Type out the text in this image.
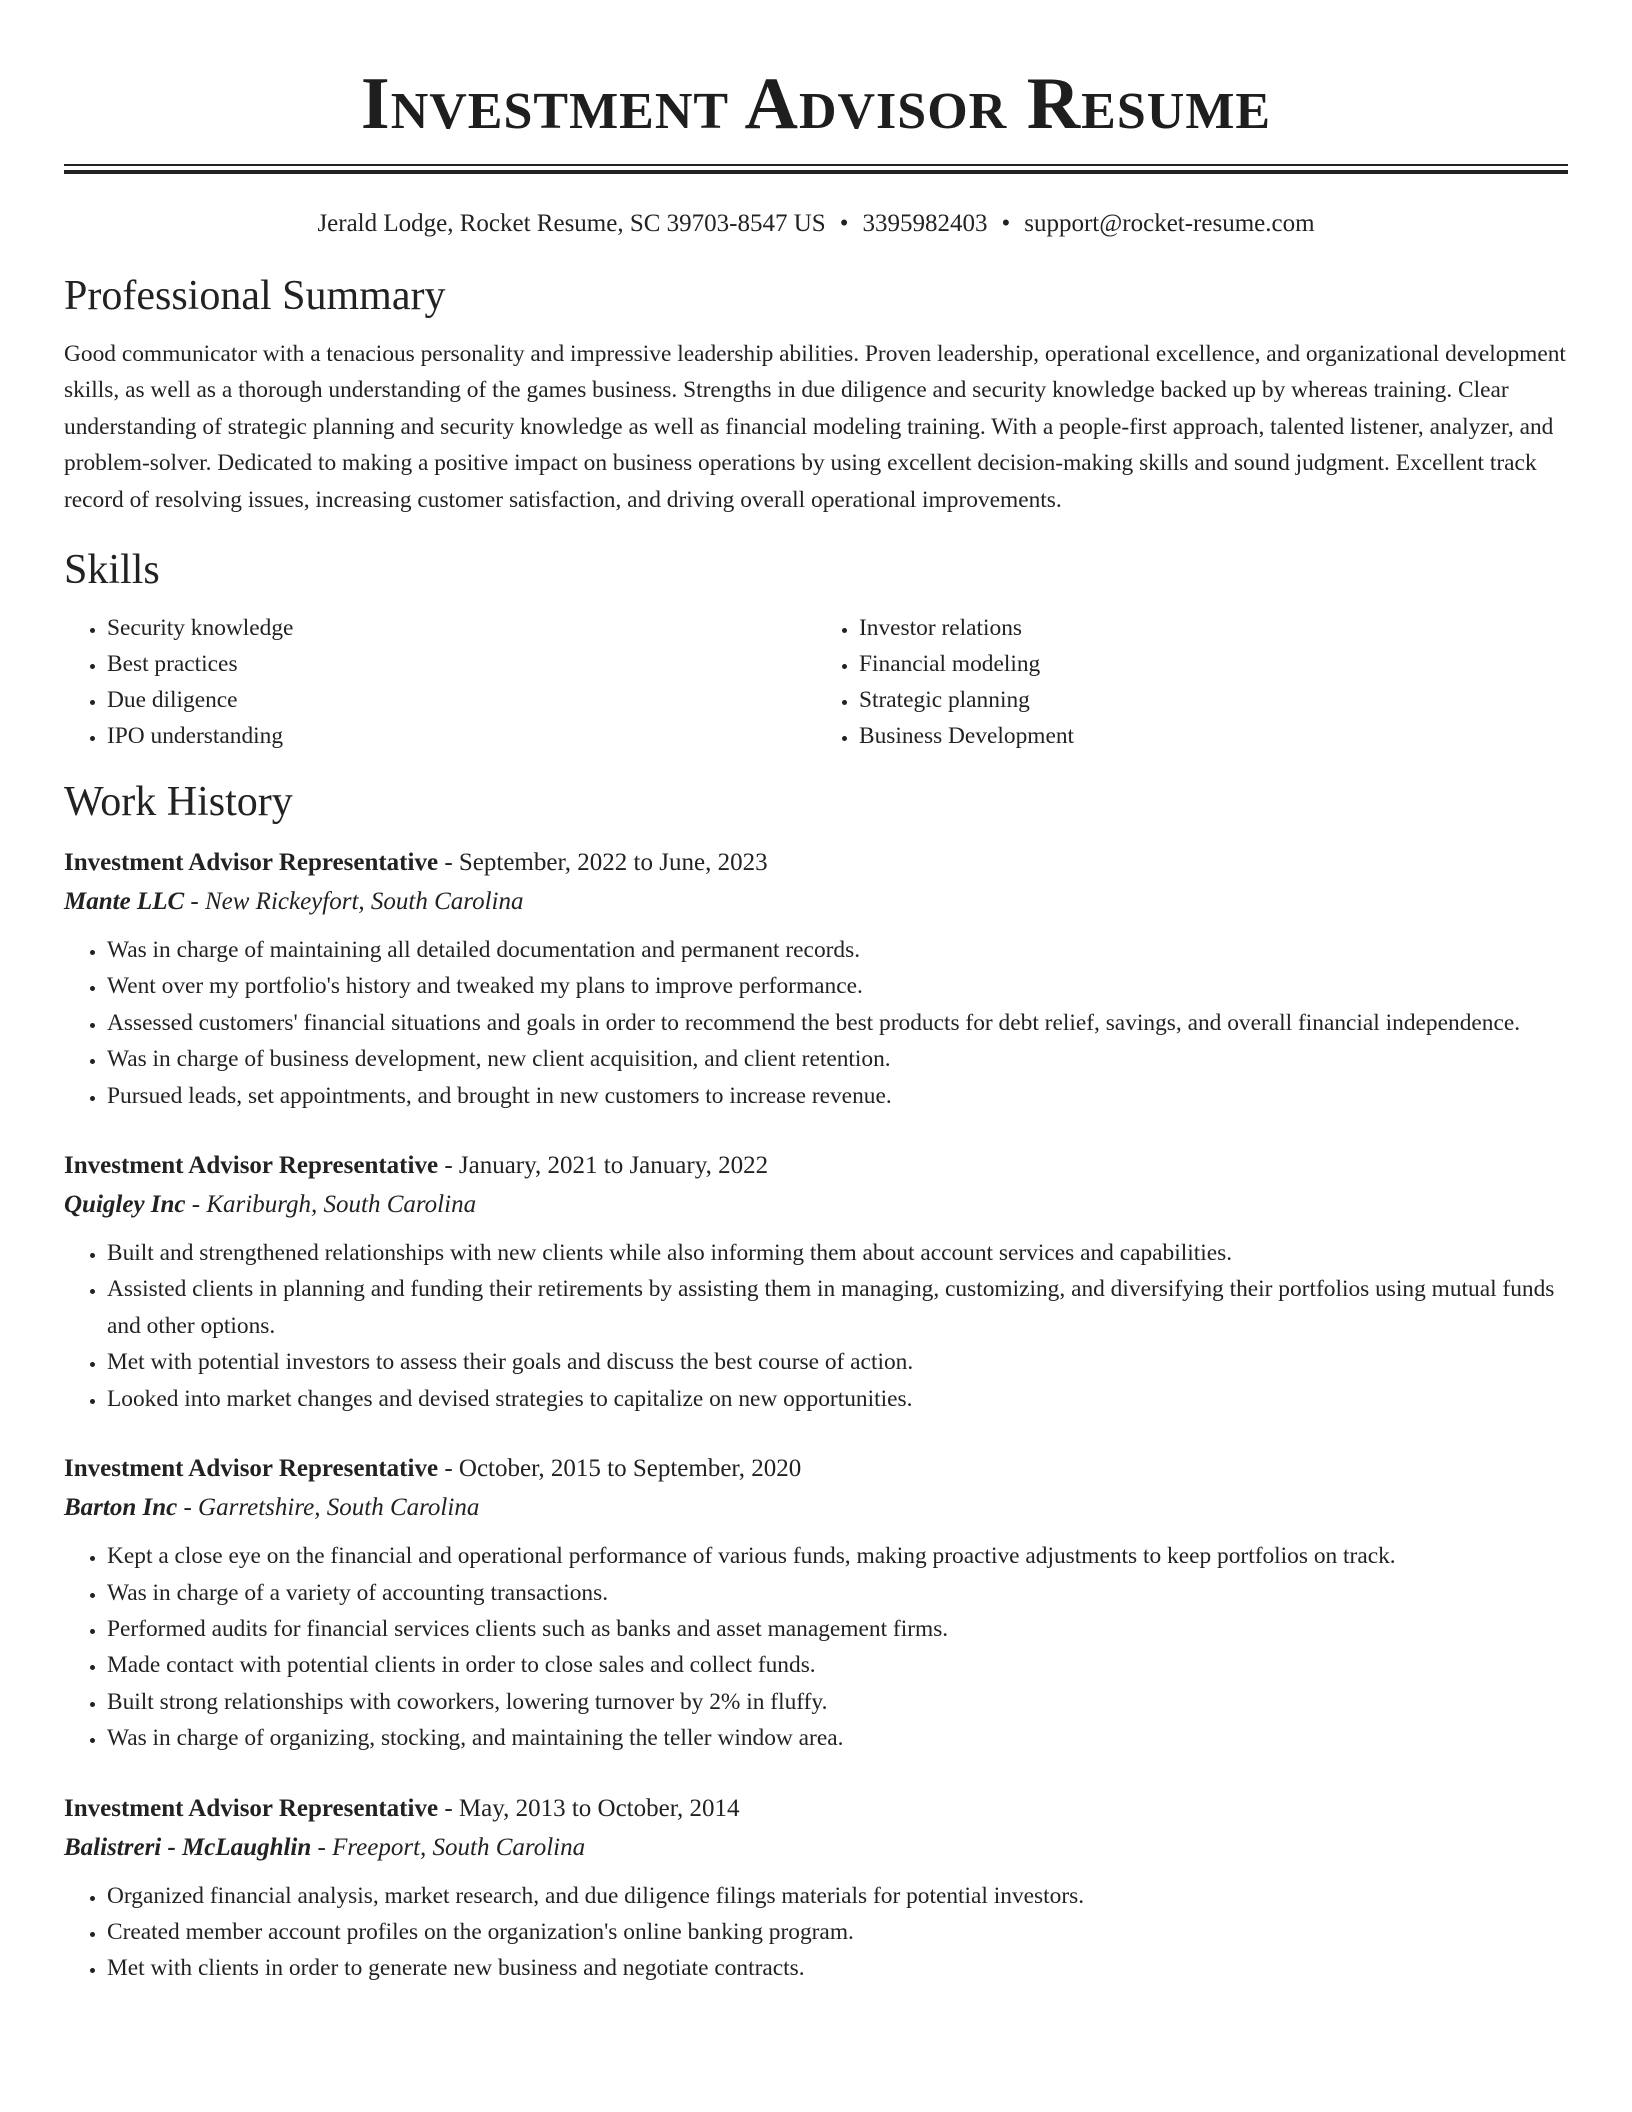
Investment Advisor Resume
Jerald Lodge, Rocket Resume, SC 39703-8547 US • 3395982403 • support@rocket-resume.com
Professional Summary

Good communicator with a tenacious personality and impressive leadership abilities. Proven leadership, operational excellence, and organizational development skills, as well as a thorough understanding of the games business. Strengths in due diligence and security knowledge backed up by whereas training. Clear understanding of strategic planning and security knowledge as well as financial modeling training. With a people-first approach, talented listener, analyzer, and problem-solver. Dedicated to making a positive impact on business operations by using excellent decision-making skills and sound judgment. Excellent track record of resolving issues, increasing customer satisfaction, and driving overall operational improvements.

Skills
• Security knowledge
• Best practices
• Due diligence
• IPO understanding
• Investor relations
• Financial modeling
• Strategic planning
• Business Development
Work History
Investment Advisor Representative - September, 2022 to June, 2023
Mante LLC - New Rickeyfort, South Carolina
• Was in charge of maintaining all detailed documentation and permanent records.
• Went over my portfolio's history and tweaked my plans to improve performance.
• Assessed customers' financial situations and goals in order to recommend the best products for debt relief, savings, and overall financial independence.
• Was in charge of business development, new client acquisition, and client retention.
• Pursued leads, set appointments, and brought in new customers to increase revenue.
Investment Advisor Representative - January, 2021 to January, 2022
Quigley Inc - Kariburgh, South Carolina
• Built and strengthened relationships with new clients while also informing them about account services and capabilities.
• Assisted clients in planning and funding their retirements by assisting them in managing, customizing, and diversifying their portfolios using mutual funds and other options.
• Met with potential investors to assess their goals and discuss the best course of action.
• Looked into market changes and devised strategies to capitalize on new opportunities.
Investment Advisor Representative - October, 2015 to September, 2020
Barton Inc - Garretshire, South Carolina
• Kept a close eye on the financial and operational performance of various funds, making proactive adjustments to keep portfolios on track.
• Was in charge of a variety of accounting transactions.
• Performed audits for financial services clients such as banks and asset management firms.
• Made contact with potential clients in order to close sales and collect funds.
• Built strong relationships with coworkers, lowering turnover by 2% in fluffy.
• Was in charge of organizing, stocking, and maintaining the teller window area.
Investment Advisor Representative - May, 2013 to October, 2014
Balistreri - McLaughlin - Freeport, South Carolina
• Organized financial analysis, market research, and due diligence filings materials for potential investors.
• Created member account profiles on the organization's online banking program.
• Met with clients in order to generate new business and negotiate contracts.
